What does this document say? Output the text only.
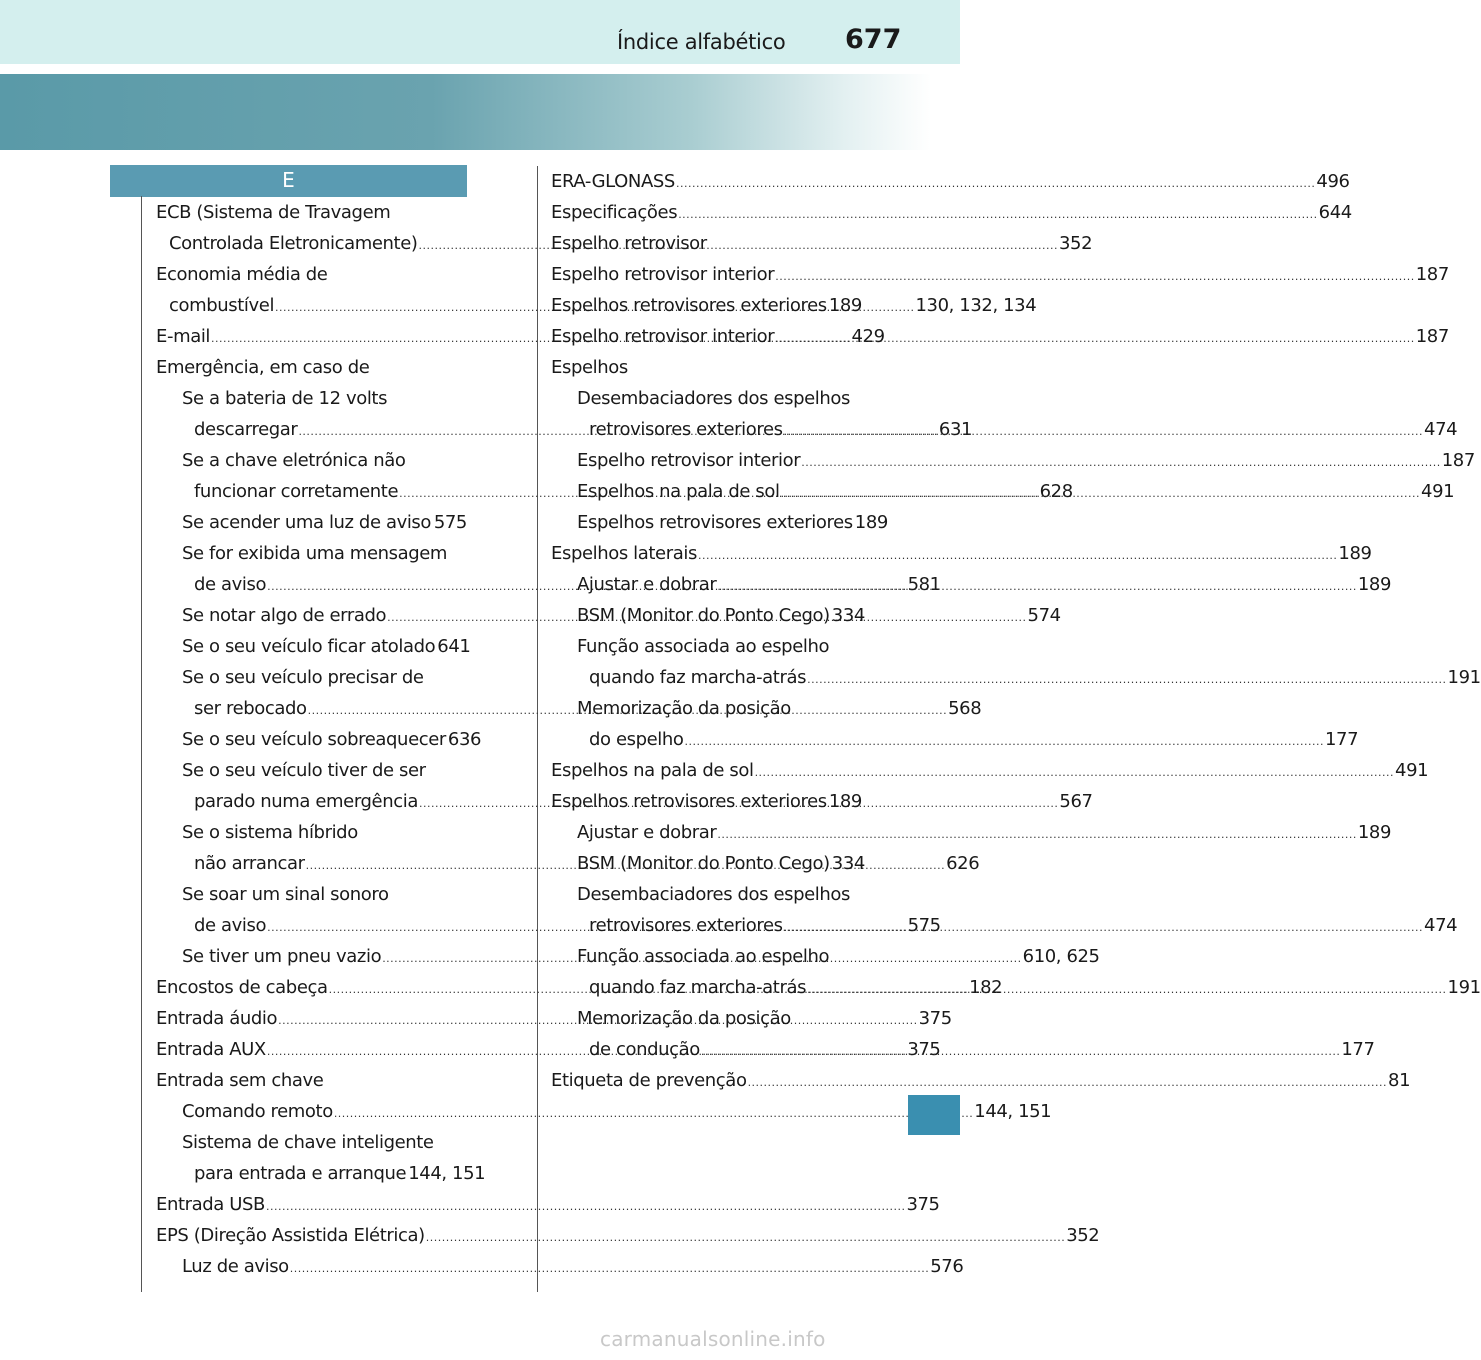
Índice alfabético 677
E
ECB (Sistema de Travagem
Controlada Eletronicamente) .....	352
Economia média de
combustível .....	130, 132, 134
E-mail .....	429
Emergência, em caso de
Se a bateria de 12 volts
descarregar .....	631
Se a chave eletrónica não
funcionar corretamente .....	628
Se acender uma luz de aviso ..... 575
Se for exibida uma mensagem
de aviso .....	581
Se notar algo de errado .....	574
Se o seu veículo ficar atolado 641
Se o seu veículo precisar de
ser rebocado .....	568
Se o seu veículo sobreaquecer 636
Se o seu veículo tiver de ser
parado numa emergência .....	567
Se o sistema híbrido
não arrancar .....	626
Se soar um sinal sonoro
de aviso .....	575
Se tiver um pneu vazio .....	610, 625
Encostos de cabeça .....	182
Entrada áudio .....	375
Entrada AUX .....	375
Entrada sem chave
Comando remoto .....	144, 151
Sistema de chave inteligente
para entrada e arranque 144, 151
Entrada USB .....	375
EPS (Direção Assistida Elétrica) .....	352
Luz de aviso .....	576
ERA-GLONASS .....	496
Especificações .....	644
Espelho retrovisor
Espelho retrovisor interior .....	187
Espelhos retrovisores exteriores ..... 189
Espelho retrovisor interior .....	187
Espelhos
Desembaciadores dos espelhos
retrovisores exteriores .....	474
Espelho retrovisor interior .....	187
Espelhos na pala de sol .....	491
Espelhos retrovisores exteriores 189
Espelhos laterais .....	189
Ajustar e dobrar .....	189
BSM (Monitor do Ponto Cego) 334
Função associada ao espelho
quando faz marcha-atrás .....	191
Memorização da posição
do espelho .....	177
Espelhos na pala de sol .....	491
Espelhos retrovisores exteriores ..... 189
Ajustar e dobrar .....	189
BSM (Monitor do Ponto Cego) 334
Desembaciadores dos espelhos
retrovisores exteriores .....	474
Função associada ao espelho
quando faz marcha-atrás .....	191
Memorização da posição
de condução .....	177
Etiqueta de prevenção .....	81
carmanualsonline.info
